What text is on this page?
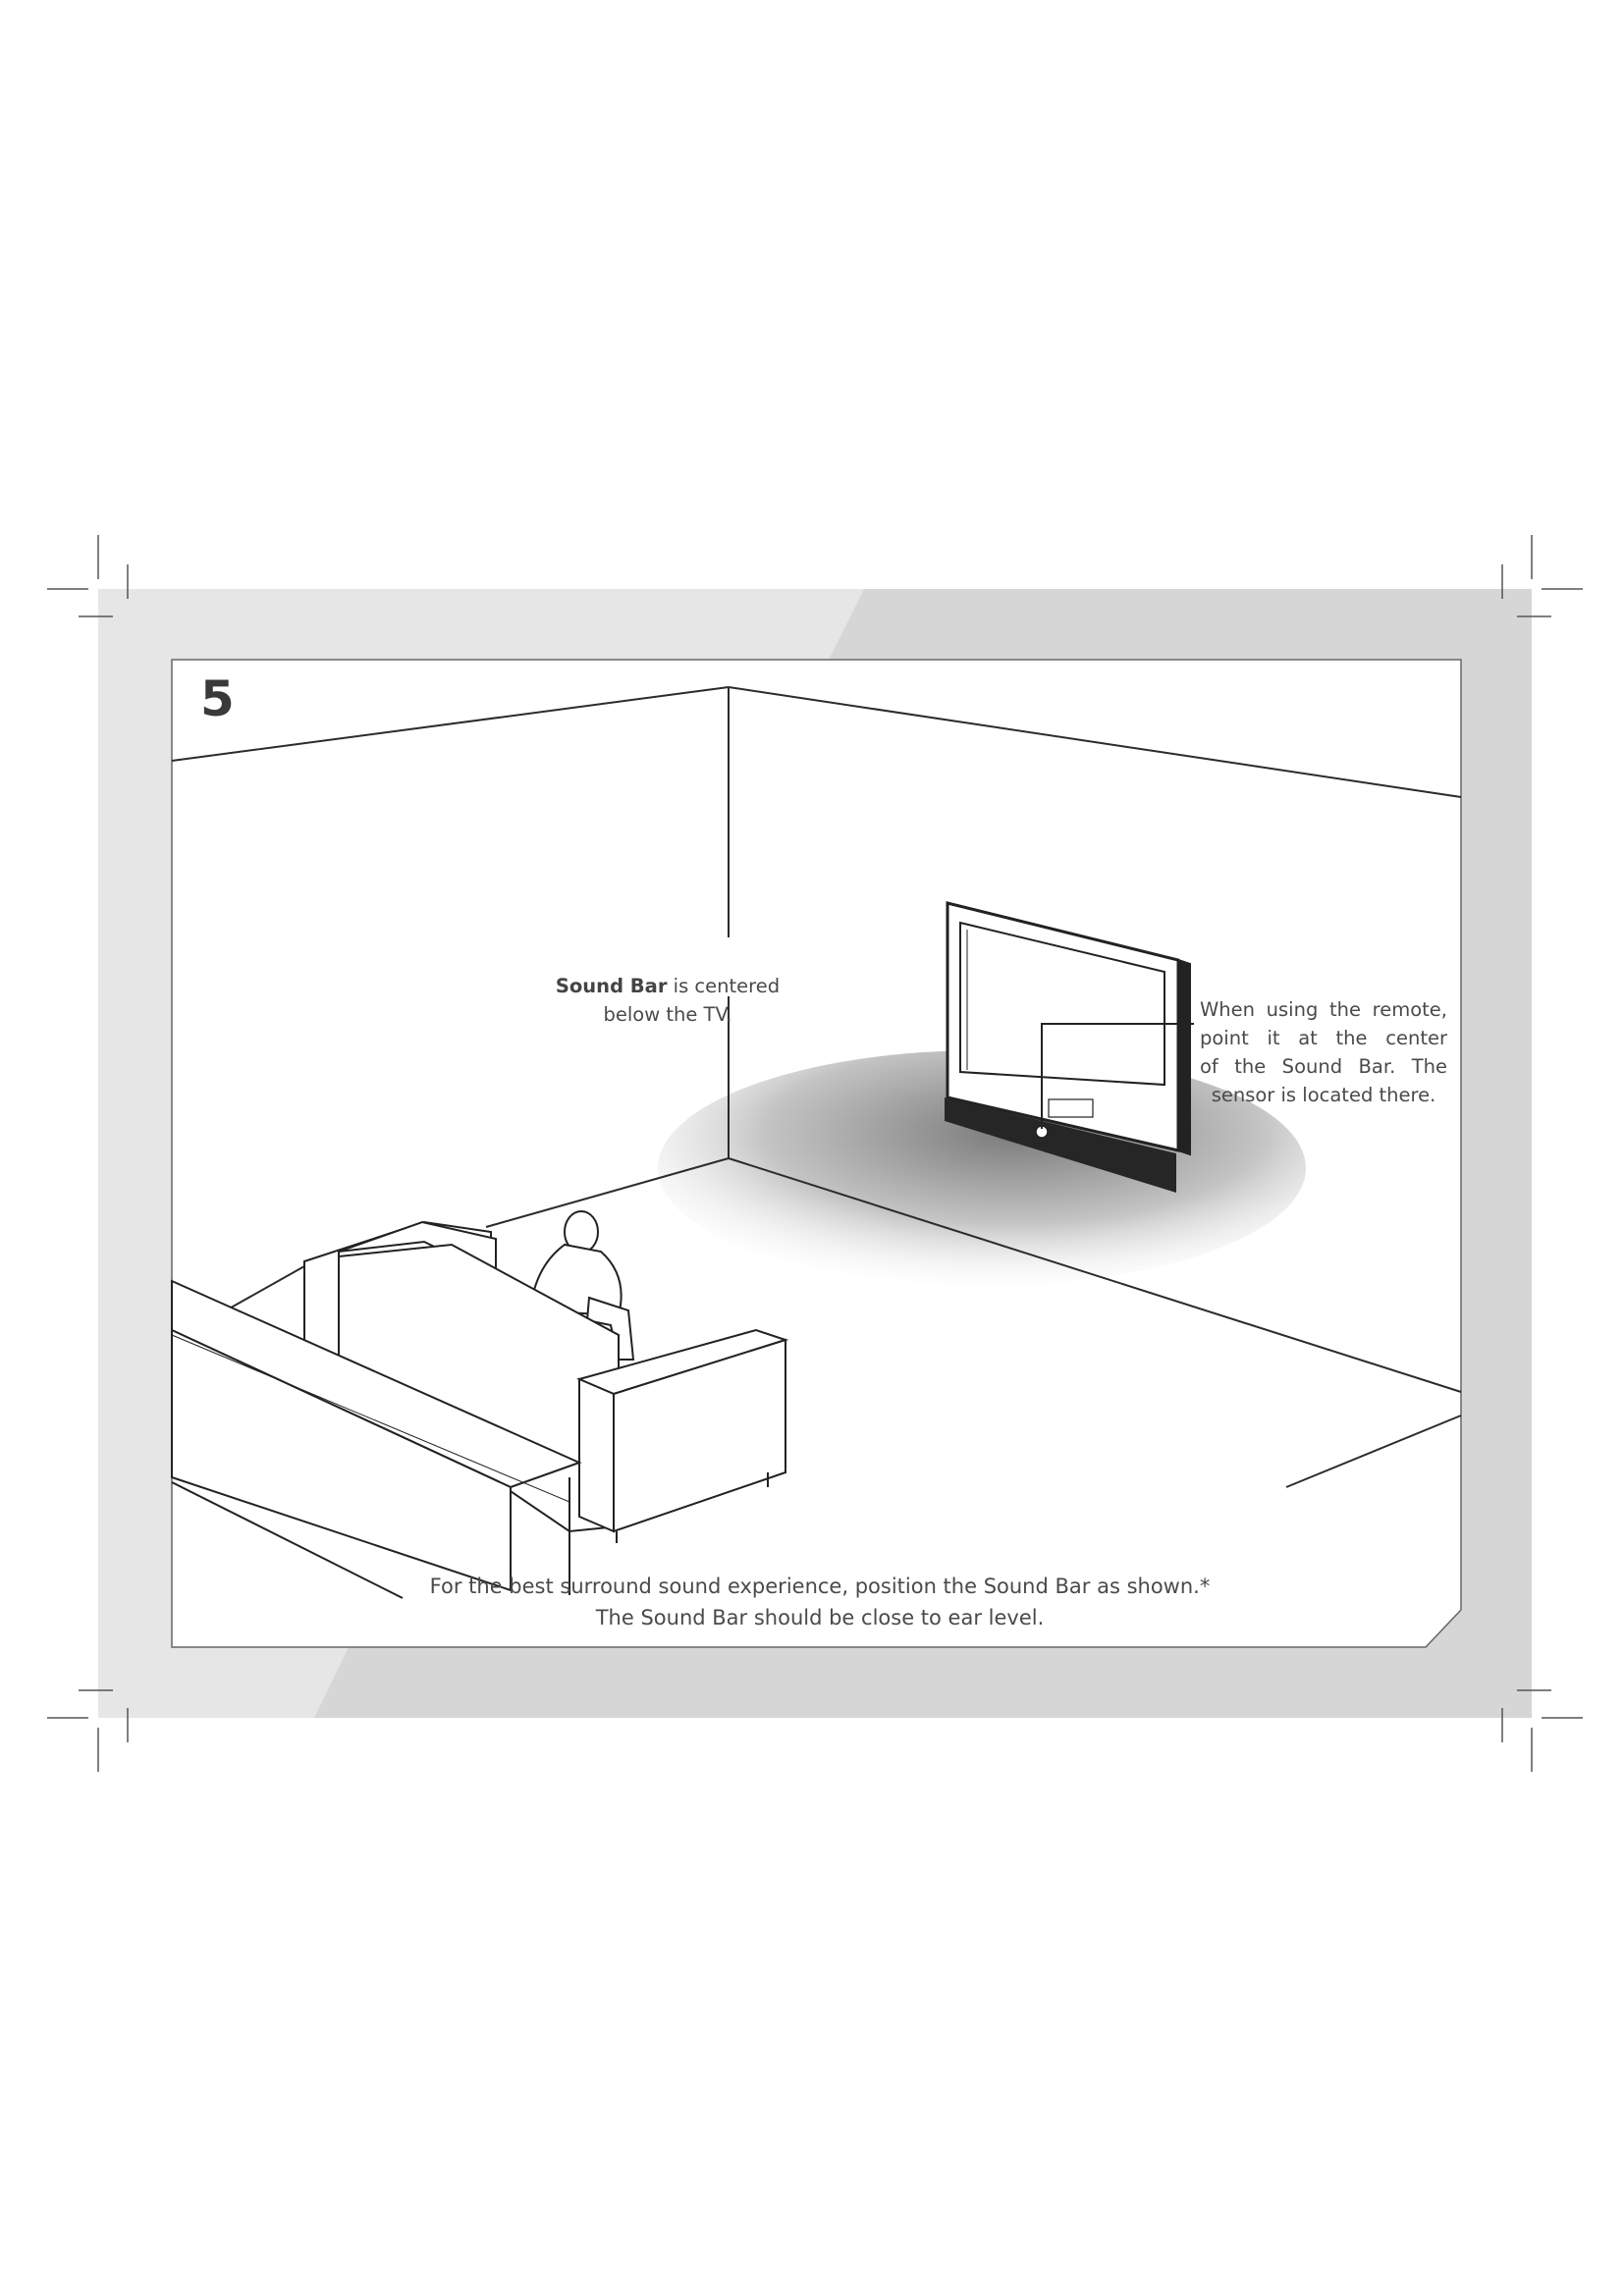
5
Sound Bar is centered
below the TV.	When using the remote,
point it at the center
of the Sound Bar. The
sensor is located there.
For the best surround sound experience, position the Sound Bar as shown.*
The Sound Bar should be close to ear level.
